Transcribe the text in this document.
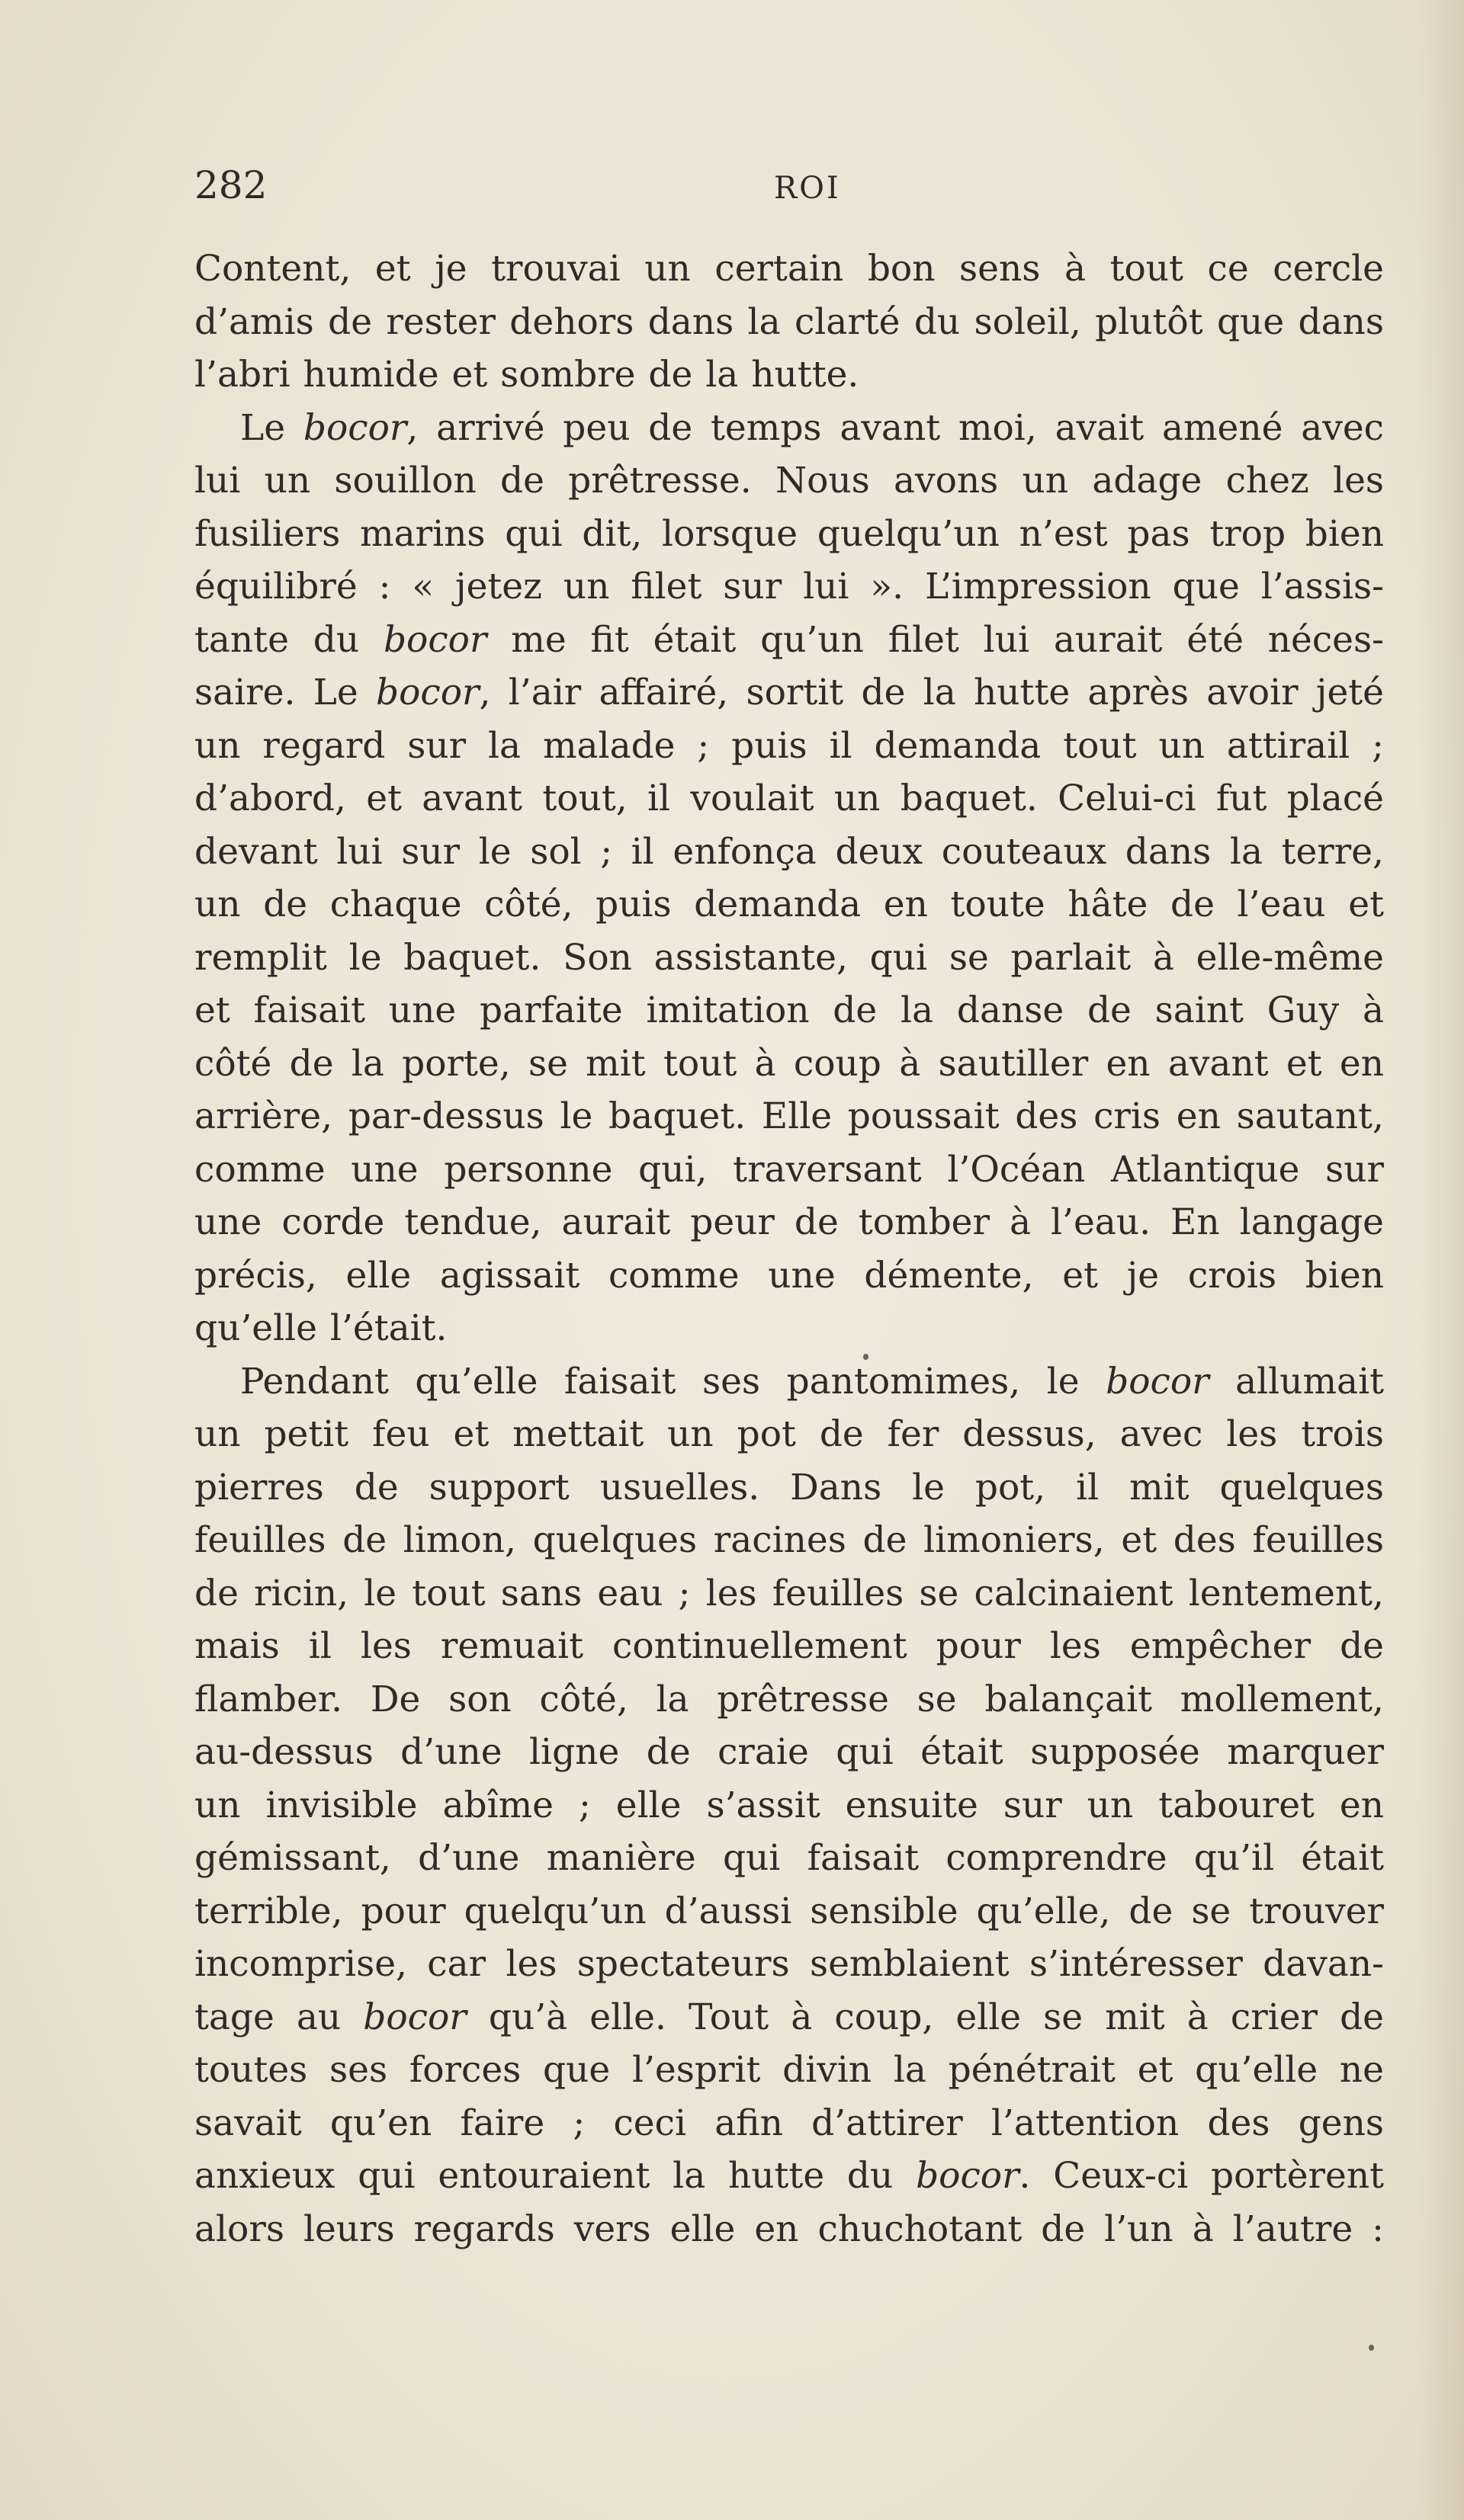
282	ROI
Content, et je trouvai un certain bon sens à tout ce cercle
d’amis de rester dehors dans la clarté du soleil, plutôt que dans
l’abri humide et sombre de la hutte.
Le bocor, arrivé peu de temps avant moi, avait amené avec
lui un souillon de prêtresse. Nous avons un adage chez les
fusiliers marins qui dit, lorsque quelqu’un n’est pas trop bien
équilibré : « jetez un filet sur lui ». L’impression que l’assis-
tante du bocor me fit était qu’un filet lui aurait été néces-
saire. Le bocor, l’air affairé, sortit de la hutte après avoir jeté
un regard sur la malade ; puis il demanda tout un attirail ;
d’abord, et avant tout, il voulait un baquet. Celui-ci fut placé
devant lui sur le sol ; il enfonça deux couteaux dans la terre,
un de chaque côté, puis demanda en toute hâte de l’eau et
remplit le baquet. Son assistante, qui se parlait à elle-même
et faisait une parfaite imitation de la danse de saint Guy à
côté de la porte, se mit tout à coup à sautiller en avant et en
arrière, par-dessus le baquet. Elle poussait des cris en sautant,
comme une personne qui, traversant l’Océan Atlantique sur
une corde tendue, aurait peur de tomber à l’eau. En langage
précis, elle agissait comme une démente, et je crois bien
qu’elle l’était.
Pendant qu’elle faisait ses pantomimes, le bocor allumait
un petit feu et mettait un pot de fer dessus, avec les trois
pierres de support usuelles. Dans le pot, il mit quelques
feuilles de limon, quelques racines de limoniers, et des feuilles
de ricin, le tout sans eau ; les feuilles se calcinaient lentement,
mais il les remuait continuellement pour les empêcher de
flamber. De son côté, la prêtresse se balançait mollement,
au-dessus d’une ligne de craie qui était supposée marquer
un invisible abîme ; elle s’assit ensuite sur un tabouret en
gémissant, d’une manière qui faisait comprendre qu’il était
terrible, pour quelqu’un d’aussi sensible qu’elle, de se trouver
incomprise, car les spectateurs semblaient s’intéresser davan-
tage au bocor qu’à elle. Tout à coup, elle se mit à crier de
toutes ses forces que l’esprit divin la pénétrait et qu’elle ne
savait qu’en faire ; ceci afin d’attirer l’attention des gens
anxieux qui entouraient la hutte du bocor. Ceux-ci portèrent
alors leurs regards vers elle en chuchotant de l’un à l’autre :
